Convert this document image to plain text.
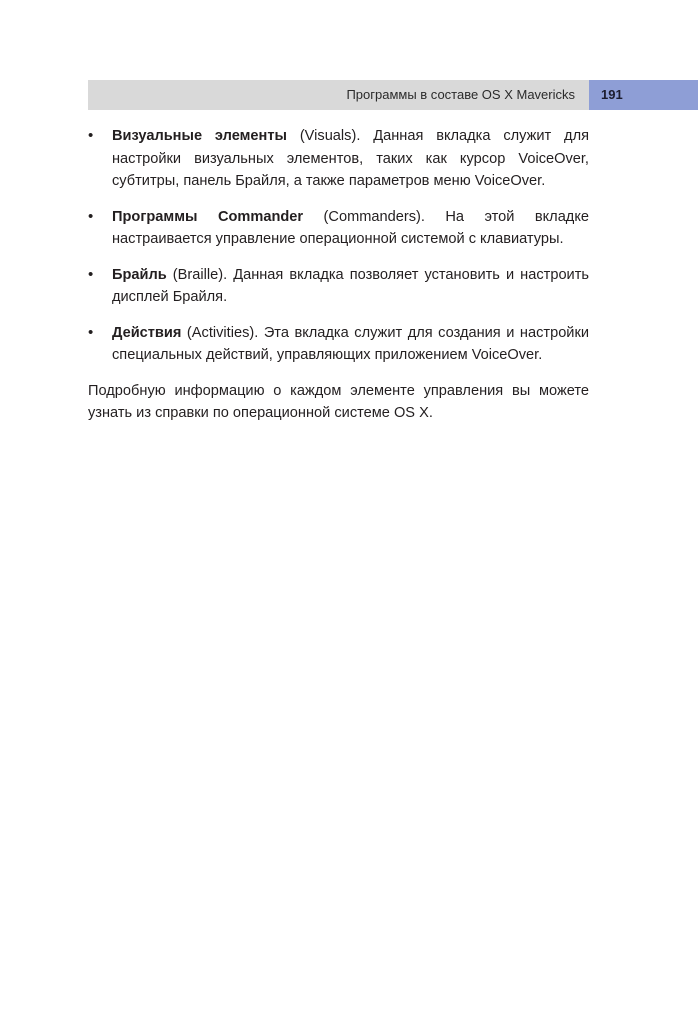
Программы в составе OS X Mavericks 191
• Визуальные элементы (Visuals). Данная вкладка служит для настройки визуальных элементов, таких как курсор VoiceOver, субтитры, панель Брайля, а также параметров меню VoiceOver.
• Программы Commander (Commanders). На этой вкладке настраивается управление операционной системой с клавиатуры.
• Брайль (Braille). Данная вкладка позволяет установить и настроить дисплей Брайля.
• Действия (Activities). Эта вкладка служит для создания и настройки специальных действий, управляющих приложением VoiceOver.

Подробную информацию о каждом элементе управления вы можете узнать из справки по операционной системе OS X.
